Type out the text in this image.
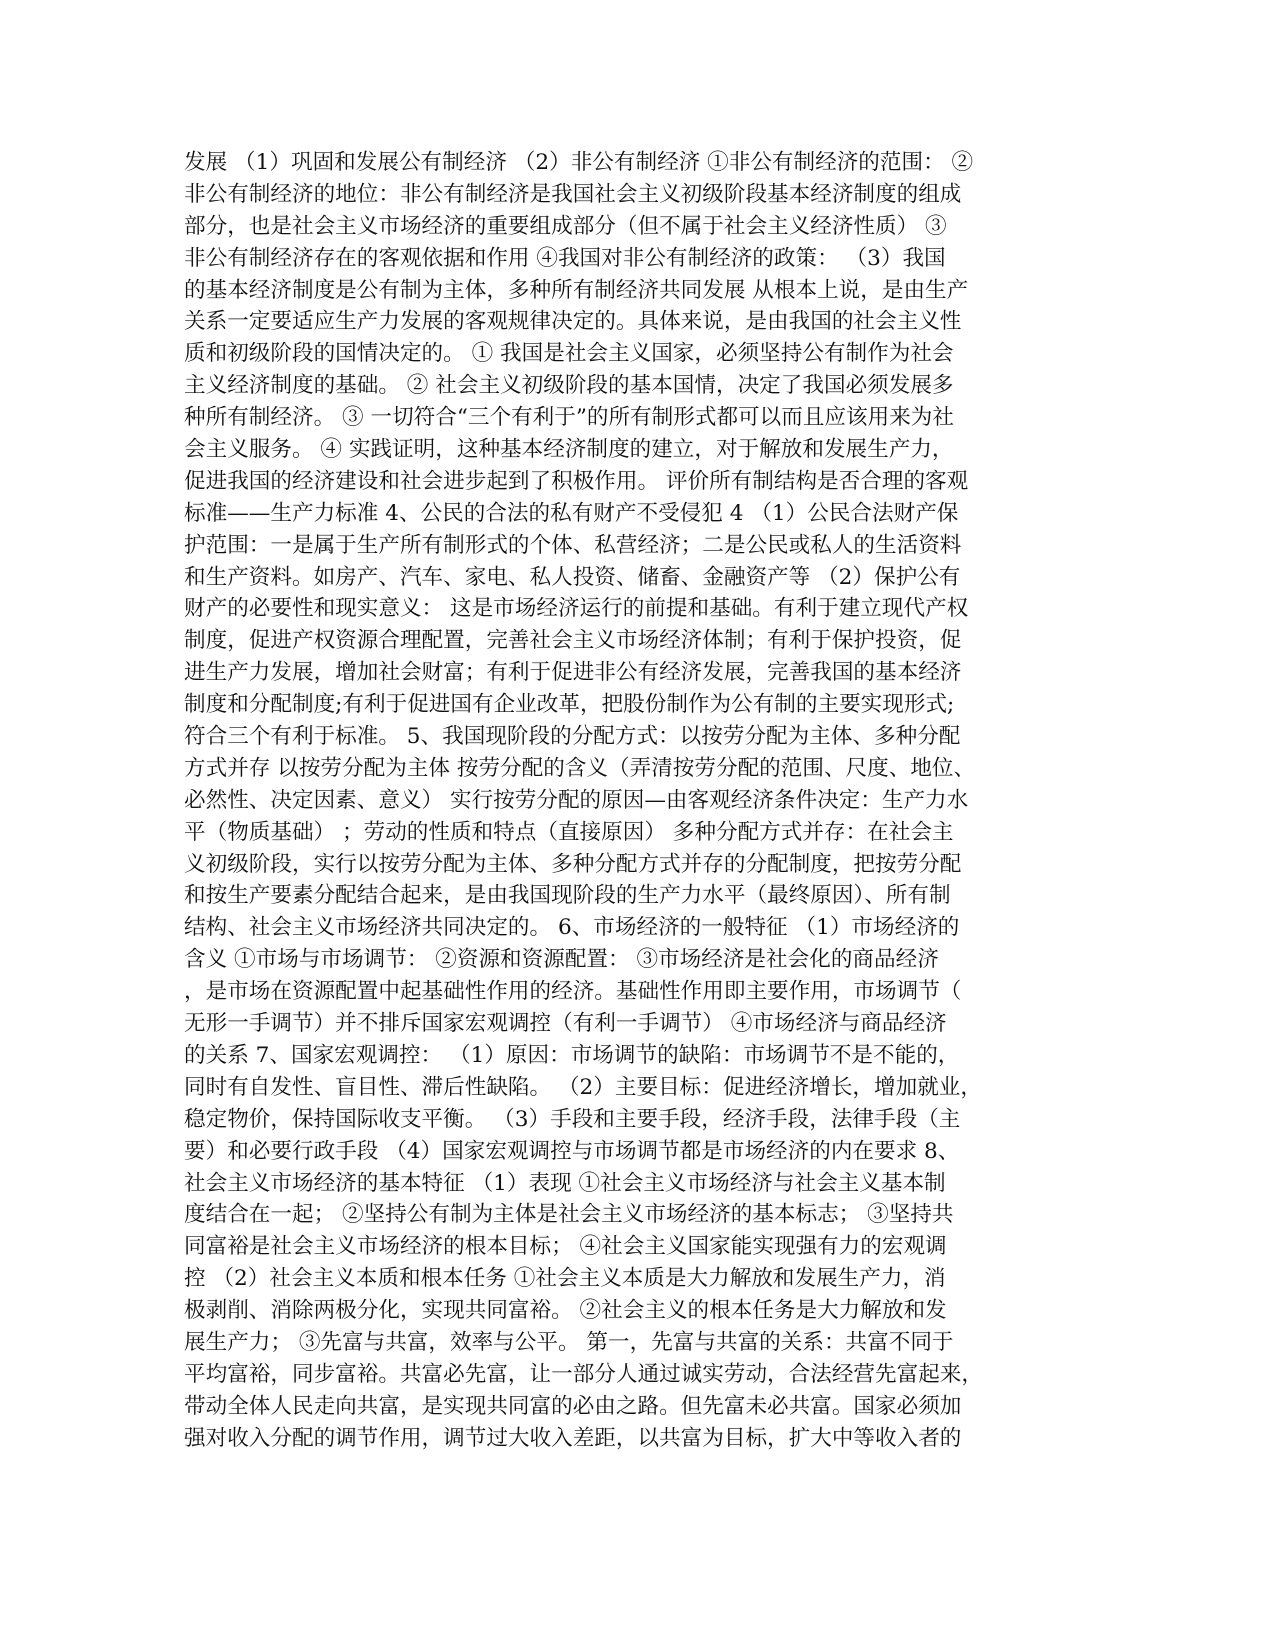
发展 （1）巩固和发展公有制经济 （2）非公有制经济 ①非公有制经济的范围： ②
非公有制经济的地位：非公有制经济是我国社会主义初级阶段基本经济制度的组成
部分，也是社会主义市场经济的重要组成部分（但不属于社会主义经济性质） ③
非公有制经济存在的客观依据和作用 ④我国对非公有制经济的政策： （3）我国
的基本经济制度是公有制为主体，多种所有制经济共同发展 从根本上说，是由生产
关系一定要适应生产力发展的客观规律决定的。具体来说，是由我国的社会主义性
质和初级阶段的国情决定的。 ① 我国是社会主义国家，必须坚持公有制作为社会
主义经济制度的基础。 ② 社会主义初级阶段的基本国情，决定了我国必须发展多
种所有制经济。 ③ 一切符合“三个有利于”的所有制形式都可以而且应该用来为社
会主义服务。 ④ 实践证明，这种基本经济制度的建立，对于解放和发展生产力，
促进我国的经济建设和社会进步起到了积极作用。 评价所有制结构是否合理的客观
标准——生产力标准 4、公民的合法的私有财产不受侵犯 4 （1）公民合法财产保
护范围：一是属于生产所有制形式的个体、私营经济；二是公民或私人的生活资料
和生产资料。如房产、汽车、家电、私人投资、储畜、金融资产等 （2）保护公有
财产的必要性和现实意义： 这是市场经济运行的前提和基础。有利于建立现代产权
制度，促进产权资源合理配置，完善社会主义市场经济体制；有利于保护投资，促
进生产力发展，增加社会财富；有利于促进非公有经济发展，完善我国的基本经济
制度和分配制度;有利于促进国有企业改革，把股份制作为公有制的主要实现形式;
符合三个有利于标准。 5、我国现阶段的分配方式：以按劳分配为主体、多种分配
方式并存 以按劳分配为主体 按劳分配的含义（弄清按劳分配的范围、尺度、地位、
必然性、决定因素、意义） 实行按劳分配的原因—由客观经济条件决定：生产力水
平（物质基础） ；劳动的性质和特点（直接原因） 多种分配方式并存：在社会主
义初级阶段，实行以按劳分配为主体、多种分配方式并存的分配制度，把按劳分配
和按生产要素分配结合起来，是由我国现阶段的生产力水平（最终原因）、所有制
结构、社会主义市场经济共同决定的。 6、市场经济的一般特征 （1）市场经济的
含义 ①市场与市场调节： ②资源和资源配置： ③市场经济是社会化的商品经济
，是市场在资源配置中起基础性作用的经济。基础性作用即主要作用，市场调节（
无形一手调节）并不排斥国家宏观调控（有利一手调节） ④市场经济与商品经济
的关系 7、国家宏观调控： （1）原因：市场调节的缺陷：市场调节不是不能的，
同时有自发性、盲目性、滞后性缺陷。 （2）主要目标：促进经济增长，增加就业，
稳定物价，保持国际收支平衡。 （3）手段和主要手段，经济手段，法律手段（主
要）和必要行政手段 （4）国家宏观调控与市场调节都是市场经济的内在要求 8、
社会主义市场经济的基本特征 （1）表现 ①社会主义市场经济与社会主义基本制
度结合在一起； ②坚持公有制为主体是社会主义市场经济的基本标志； ③坚持共
同富裕是社会主义市场经济的根本目标； ④社会主义国家能实现强有力的宏观调
控 （2）社会主义本质和根本任务 ①社会主义本质是大力解放和发展生产力，消
极剥削、消除两极分化，实现共同富裕。 ②社会主义的根本任务是大力解放和发
展生产力； ③先富与共富，效率与公平。 第一，先富与共富的关系：共富不同于
平均富裕，同步富裕。共富必先富，让一部分人通过诚实劳动，合法经营先富起来，
带动全体人民走向共富，是实现共同富的必由之路。但先富未必共富。国家必须加
强对收入分配的调节作用，调节过大收入差距，以共富为目标，扩大中等收入者的
